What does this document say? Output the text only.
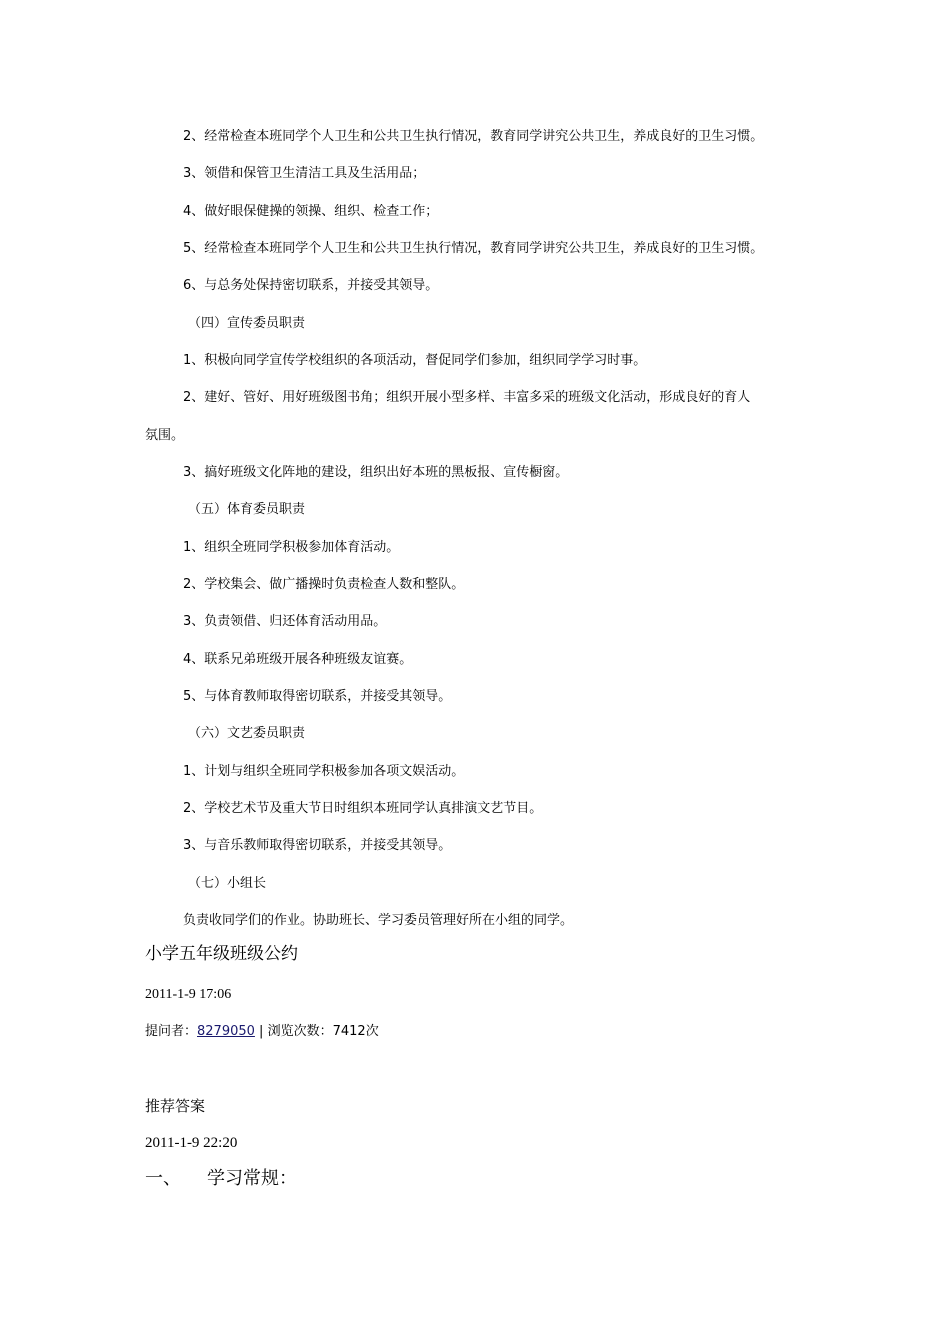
2、经常检查本班同学个人卫生和公共卫生执行情况，教育同学讲究公共卫生，养成良好的卫生习惯。
3、领借和保管卫生清洁工具及生活用品；
4、做好眼保健操的领操、组织、检查工作；
5、经常检查本班同学个人卫生和公共卫生执行情况，教育同学讲究公共卫生，养成良好的卫生习惯。
6、与总务处保持密切联系，并接受其领导。
（四）宣传委员职责
1、积极向同学宣传学校组织的各项活动，督促同学们参加，组织同学学习时事。
2、建好、管好、用好班级图书角；组织开展小型多样、丰富多采的班级文化活动，形成良好的育人
氛围。
3、搞好班级文化阵地的建设，组织出好本班的黑板报、宣传橱窗。
（五）体育委员职责
1、组织全班同学积极参加体育活动。
2、学校集会、做广播操时负责检查人数和整队。
3、负责领借、归还体育活动用品。
4、联系兄弟班级开展各种班级友谊赛。
5、与体育教师取得密切联系，并接受其领导。
（六）文艺委员职责
1、计划与组织全班同学积极参加各项文娱活动。
2、学校艺术节及重大节日时组织本班同学认真排演文艺节目。
3、与音乐教师取得密切联系，并接受其领导。
（七）小组长
负责收同学们的作业。协助班长、学习委员管理好所在小组的同学。
小学五年级班级公约
2011-1-9 17:06
提问者：8279050 | 浏览次数：7412次
推荐答案
2011-1-9 22:20
一、 学习常规：
